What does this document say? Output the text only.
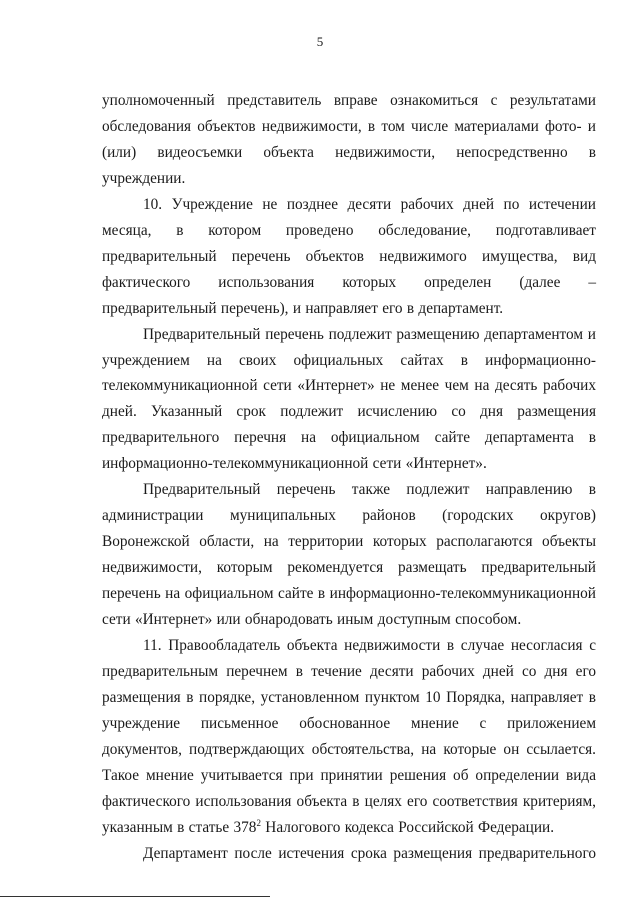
5

уполномоченный представитель вправе ознакомиться с результатами обследования объектов недвижимости, в том числе материалами фото- и (или) видеосъемки объекта недвижимости, непосредственно в учреждении.

10. Учреждение не позднее десяти рабочих дней по истечении месяца, в котором проведено обследование, подготавливает предварительный перечень объектов недвижимого имущества, вид фактического использования которых определен (далее – предварительный перечень), и направляет его в департамент.

Предварительный перечень подлежит размещению департаментом и учреждением на своих официальных сайтах в информационно-телекоммуникационной сети «Интернет» не менее чем на десять рабочих дней. Указанный срок подлежит исчислению со дня размещения предварительного перечня на официальном сайте департамента в информационно-телекоммуникационной сети «Интернет».

Предварительный перечень также подлежит направлению в администрации муниципальных районов (городских округов) Воронежской области, на территории которых располагаются объекты недвижимости, которым рекомендуется размещать предварительный перечень на официальном сайте в информационно-телекоммуникационной сети «Интернет» или обнародовать иным доступным способом.

11. Правообладатель объекта недвижимости в случае несогласия с предварительным перечнем в течение десяти рабочих дней со дня его размещения в порядке, установленном пунктом 10 Порядка, направляет в учреждение письменное обоснованное мнение с приложением документов, подтверждающих обстоятельства, на которые он ссылается. Такое мнение учитывается при принятии решения об определении вида фактического использования объекта в целях его соответствия критериям, указанным в статье $378^2$ Налогового кодекса Российской Федерации.

Департамент после истечения срока размещения предварительного
